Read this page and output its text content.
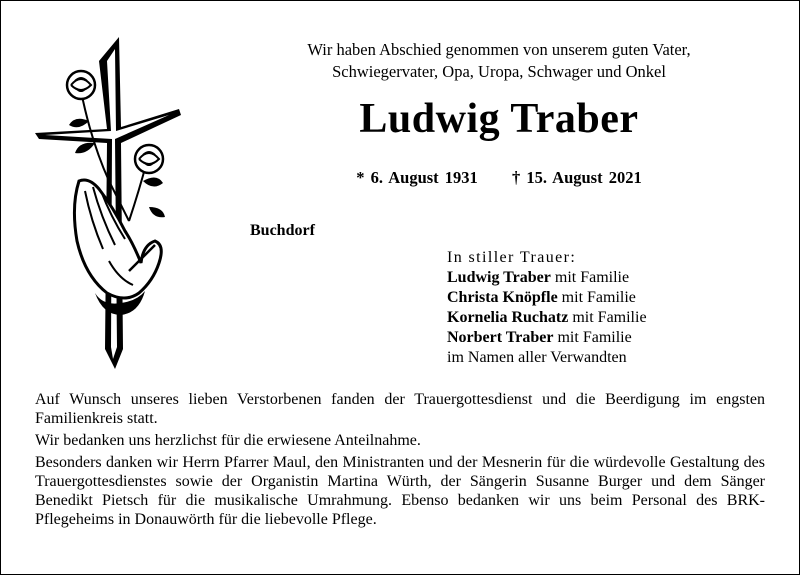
Wir haben Abschied genommen von unserem guten Vater,
Schwiegervater, Opa, Uropa, Schwager und Onkel
Ludwig Traber
* 6. August 1931 † 15. August 2021
Buchdorf
In stiller Trauer:
Ludwig Traber mit Familie
Christa Knöpfle mit Familie
Kornelia Ruchatz mit Familie
Norbert Traber mit Familie
im Namen aller Verwandten

Auf Wunsch unseres lieben Verstorbenen fanden der Trauergottesdienst und die Beerdigung im engsten Familienkreis statt.

Wir bedanken uns herzlichst für die erwiesene Anteilnahme.

Besonders danken wir Herrn Pfarrer Maul, den Ministranten und der Mesnerin für die würdevolle Gestaltung des Trauergottesdienstes sowie der Organistin Martina Würth, der Sängerin Susanne Burger und dem Sänger Benedikt Pietsch für die musikalische Umrahmung. Ebenso bedanken wir uns beim Personal des BRK-Pflegeheims in Donauwörth für die liebevolle Pflege.
